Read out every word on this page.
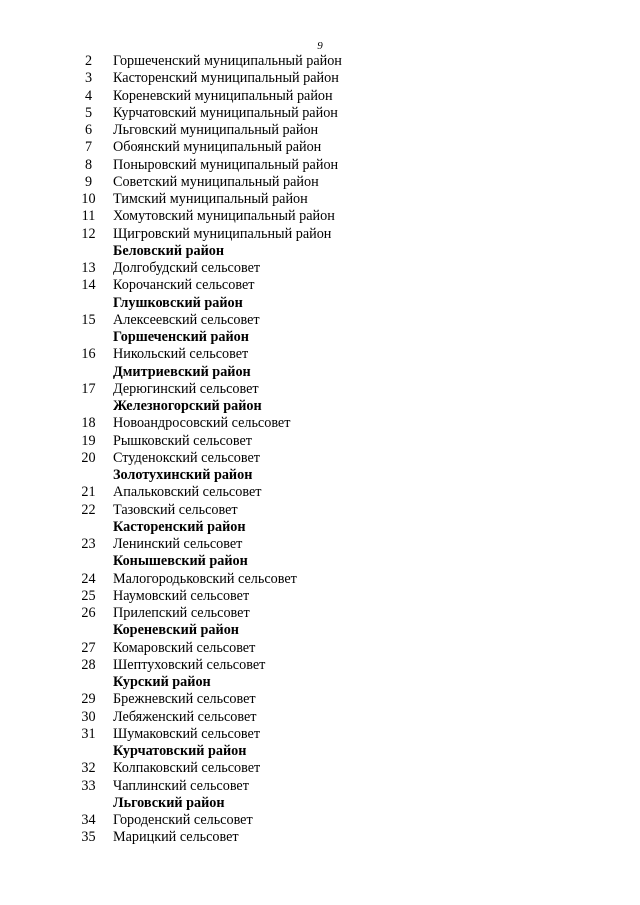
9
2	Горшеченский муниципальный район
3	Касторенский муниципальный район
4	Кореневский муниципальный район
5	Курчатовский муниципальный район
6	Льговский муниципальный район
7	Обоянский муниципальный район
8	Поныровский муниципальный район
9	Советский муниципальный район
10 Тимский муниципальный район
11 Хомутовский муниципальный район
12 Щигровский муниципальный район
Беловский район
13 Долгобудский сельсовет
14 Корочанский сельсовет
Глушковский район
15 Алексеевский сельсовет
Горшеченский район
16 Никольский сельсовет
Дмитриевский район
17 Дерюгинский сельсовет
Железногорский район
18 Новоандросовский сельсовет
19 Рышковский сельсовет
20 Студенокский сельсовет
Золотухинский район
21 Апальковский сельсовет
22 Тазовский сельсовет
Касторенский район
23 Ленинский сельсовет
Конышевский район
24 Малогородьковский сельсовет
25 Наумовский сельсовет
26 Прилепский сельсовет
Кореневский район
27 Комаровский сельсовет
28 Шептуховский сельсовет
Курский район
29 Брежневский сельсовет
30 Лебяженский сельсовет
31 Шумаковский сельсовет
Курчатовский район
32 Колпаковский сельсовет
33 Чаплинский сельсовет
Льговский район
34 Городенский сельсовет
35 Марицкий сельсовет
